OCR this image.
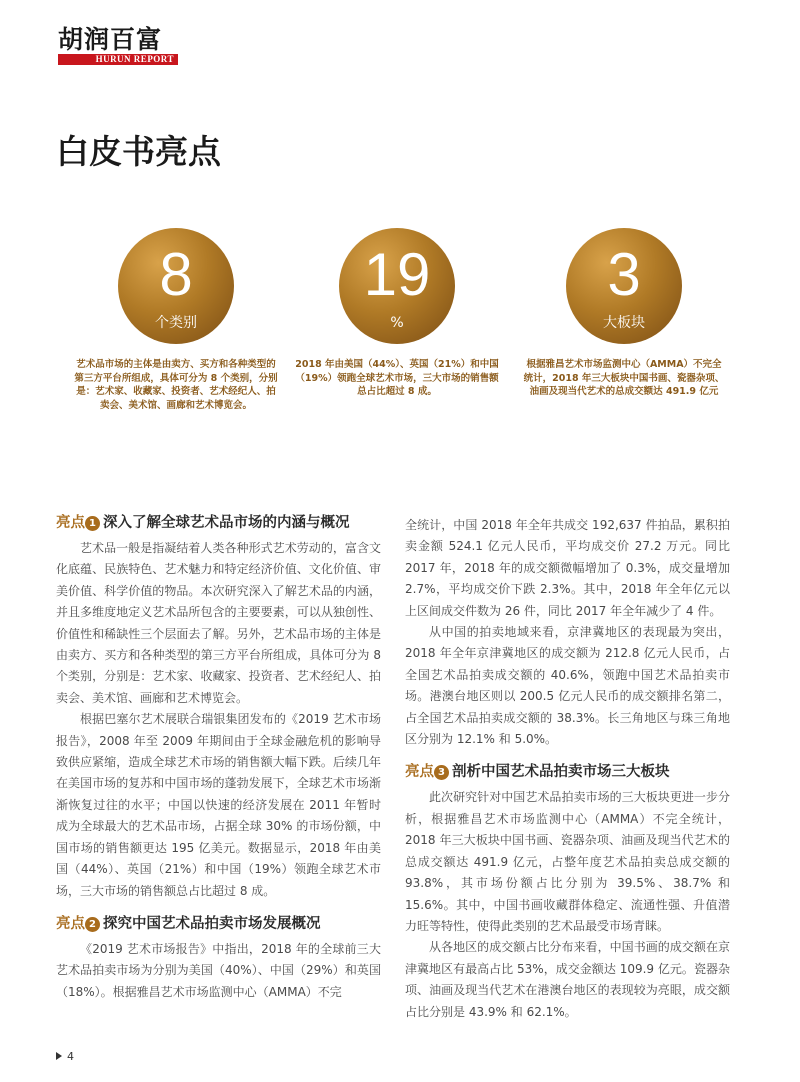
胡润百富
HURUN REPORT
白皮书亮点
8
个类别
艺术品市场的主体是由卖方、买方和各种类型的第三方平台所组成，具体可分为 8 个类别，分别是：艺术家、收藏家、投资者、艺术经纪人、拍卖会、美术馆、画廊和艺术博览会。
19
%
2018 年由美国（44%）、英国（21%）和中国（19%）领跑全球艺术市场，三大市场的销售额总占比超过 8 成。
3
大板块
根据雅昌艺术市场监测中心（AMMA）不完全统计，2018 年三大板块中国书画、瓷器杂项、油画及现当代艺术的总成交额达 491.9 亿元
亮点 1 深入了解全球艺术品市场的内涵与概况

艺术品一般是指凝结着人类各种形式艺术劳动的，富含文化底蕴、民族特色、艺术魅力和特定经济价值、文化价值、审美价值、科学价值的物品。本次研究深入了解艺术品的内涵，并且多维度地定义艺术品所包含的主要要素，可以从独创性、价值性和稀缺性三个层面去了解。另外，艺术品市场的主体是由卖方、买方和各种类型的第三方平台所组成，具体可分为 8 个类别，分别是：艺术家、收藏家、投资者、艺术经纪人、拍卖会、美术馆、画廊和艺术博览会。

根据巴塞尔艺术展联合瑞银集团发布的《2019 艺术市场报告》，2008 年至 2009 年期间由于全球金融危机的影响导致供应紧缩，造成全球艺术市场的销售额大幅下跌。后续几年在美国市场的复苏和中国市场的蓬勃发展下，全球艺术市场渐渐恢复过往的水平；中国以快速的经济发展在 2011 年暂时成为全球最大的艺术品市场，占据全球 30% 的市场份额，中国市场的销售额更达 195 亿美元。数据显示，2018 年由美国（44%）、英国（21%）和中国（19%）领跑全球艺术市场，三大市场的销售额总占比超过 8 成。

亮点 2 探究中国艺术品拍卖市场发展概况

《2019 艺术市场报告》中指出，2018 年的全球前三大艺术品拍卖市场为分别为美国（40%）、中国（29%）和英国（18%）。根据雅昌艺术市场监测中心（AMMA）不完

全统计，中国 2018 年全年共成交 192,637 件拍品，累积拍卖金额 524.1 亿元人民币，平均成交价 27.2 万元。同比 2017 年，2018 年的成交额微幅增加了 0.3%，成交量增加 2.7%，平均成交价下跌 2.3%。其中，2018 年全年亿元以上区间成交件数为 26 件，同比 2017 年全年减少了 4 件。

从中国的拍卖地域来看，京津冀地区的表现最为突出，2018 年全年京津冀地区的成交额为 212.8 亿元人民币，占全国艺术品拍卖成交额的 40.6%，领跑中国艺术品拍卖市场。港澳台地区则以 200.5 亿元人民币的成交额排名第二，占全国艺术品拍卖成交额的 38.3%。长三角地区与珠三角地区分别为 12.1% 和 5.0%。

亮点 3 剖析中国艺术品拍卖市场三大板块

此次研究针对中国艺术品拍卖市场的三大板块更进一步分析，根据雅昌艺术市场监测中心（AMMA）不完全统计，2018 年三大板块中国书画、瓷器杂项、油画及现当代艺术的总成交额达 491.9 亿元，占整年度艺术品拍卖总成交额的 93.8%，其市场份额占比分别为 39.5%、38.7% 和 15.6%。其中，中国书画收藏群体稳定、流通性强、升值潜力旺等特性，使得此类别的艺术品最受市场青睐。

从各地区的成交额占比分布来看，中国书画的成交额在京津冀地区有最高占比 53%，成交金额达 109.9 亿元。瓷器杂项、油画及现当代艺术在港澳台地区的表现较为亮眼，成交额占比分别是 43.9% 和 62.1%。

4
